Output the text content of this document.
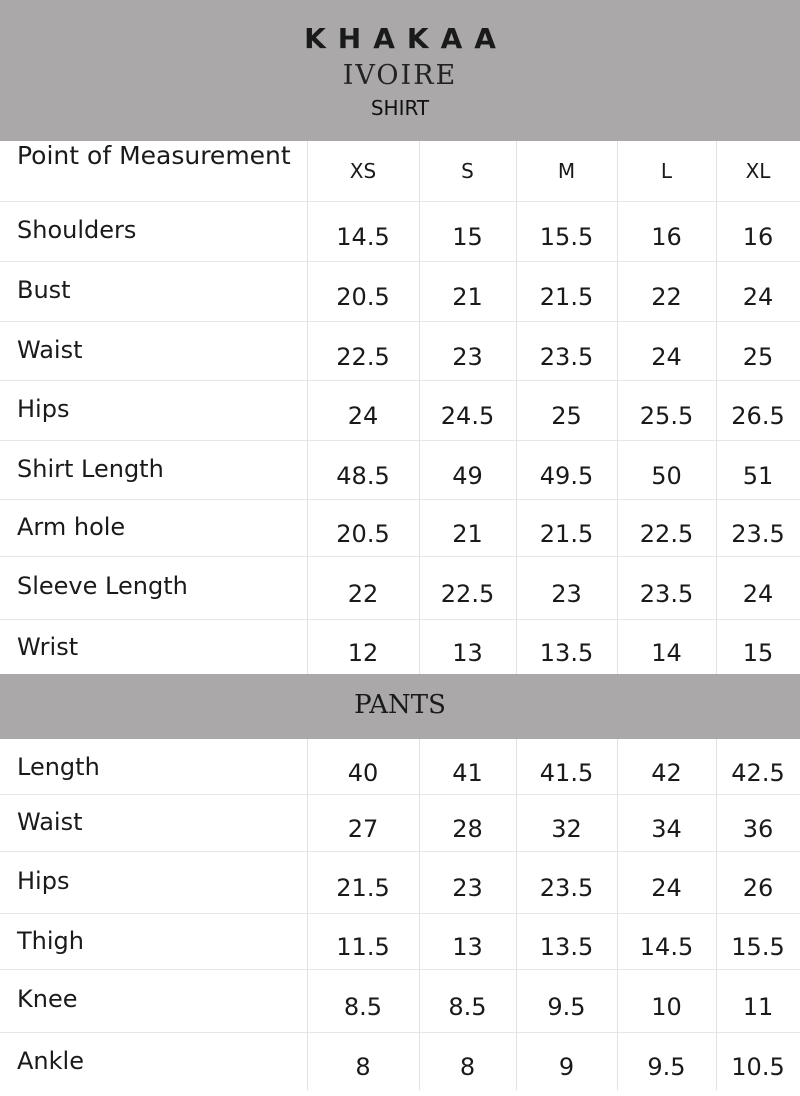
KHAKAA
IVOIRE
SHIRT
Point of Measurement
XS	S	M	L	XL
Shoulders	14.5	15	15.5	16	16
Bust	20.5	21	21.5	22	24
Waist	22.5	23	23.5	24	25
Hips	24	24.5	25	25.5	26.5
Shirt Length	48.5	49	49.5	50	51
Arm hole	20.5	21	21.5	22.5	23.5
Sleeve Length	22	22.5	23	23.5	24
Wrist	12	13	13.5	14	15
Length	40	41	41.5	42	42.5
Waist	27	28	32	34	36
Hips	21.5	23	23.5	24	26
Thigh	11.5	13	13.5	14.5	15.5
Knee	8.5	8.5	9.5	10	11
Ankle	8	8	9	9.5	10.5
PANTS
